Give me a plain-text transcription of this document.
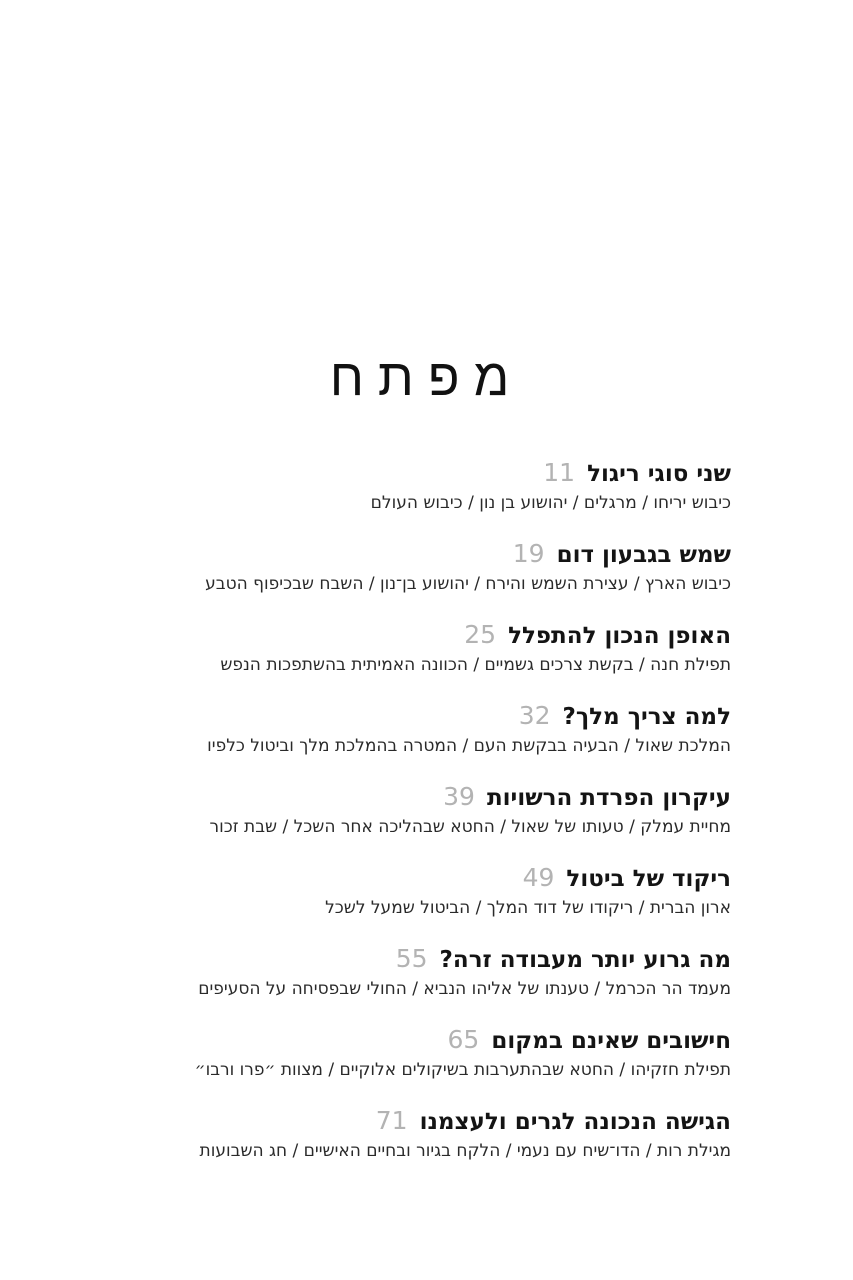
מפתח
שני סוגי ריגול11
כיבוש יריחו / מרגלים / יהושוע בן נון / כיבוש העולם
שמש בגבעון דום19
כיבוש הארץ / עצירת השמש והירח / יהושוע בן־נון / השבח שבכיפוף הטבע
האופן הנכון להתפלל25
תפילת חנה / בקשת צרכים גשמיים / הכוונה האמיתית בהשתפכות הנפש
למה צריך מלך?32
המלכת שאול / הבעיה בבקשת העם / המטרה בהמלכת מלך וביטול כלפיו
עיקרון הפרדת הרשויות39
מחיית עמלק / טעותו של שאול / החטא שבהליכה אחר השכל / שבת זכור
ריקוד של ביטול49
ארון הברית / ריקודו של דוד המלך / הביטול שמעל לשכל
מה גרוע יותר מעבודה זרה?55
מעמד הר הכרמל / טענתו של אליהו הנביא / החולי שבפסיחה על הסעיפים
חישובים שאינם במקום65
תפילת חזקיהו / החטא שבהתערבות בשיקולים אלוקיים / מצוות ״פרו ורבו״
הגישה הנכונה לגרים ולעצמנו71
מגילת רות / הדו־שיח עם נעמי / הלקח בגיור ובחיים האישיים / חג השבועות
